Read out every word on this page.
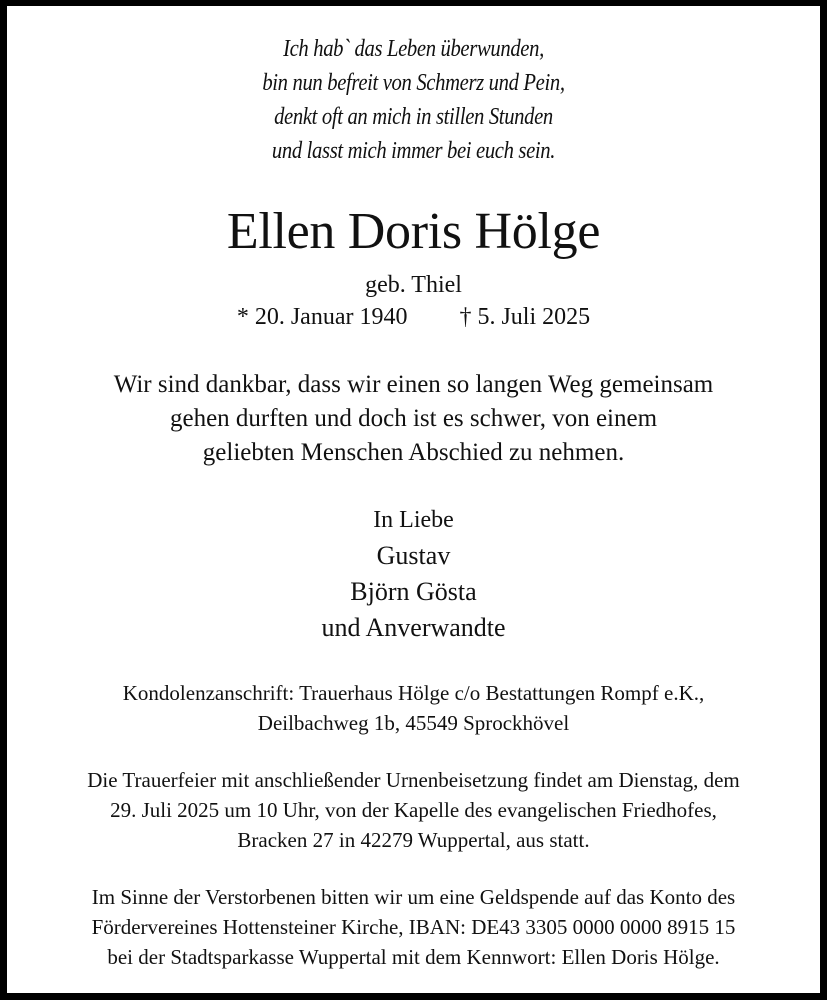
Ich hab` das Leben überwunden,
bin nun befreit von Schmerz und Pein,
denkt oft an mich in stillen Stunden
und lasst mich immer bei euch sein.
Ellen Doris Hölge
geb. Thiel
* 20. Januar 1940 † 5. Juli 2025
Wir sind dankbar, dass wir einen so langen Weg gemeinsam
gehen durften und doch ist es schwer, von einem
geliebten Menschen Abschied zu nehmen.
In Liebe
Gustav
Björn Gösta
und Anverwandte
Kondolenzanschrift: Trauerhaus Hölge c/o Bestattungen Rompf e.K.,
Deilbachweg 1b, 45549 Sprockhövel
Die Trauerfeier mit anschließender Urnenbeisetzung findet am Dienstag, dem
29. Juli 2025 um 10 Uhr, von der Kapelle des evangelischen Friedhofes,
Bracken 27 in 42279 Wuppertal, aus statt.
Im Sinne der Verstorbenen bitten wir um eine Geldspende auf das Konto des
Fördervereines Hottensteiner Kirche, IBAN: DE43 3305 0000 0000 8915 15
bei der Stadtsparkasse Wuppertal mit dem Kennwort: Ellen Doris Hölge.
